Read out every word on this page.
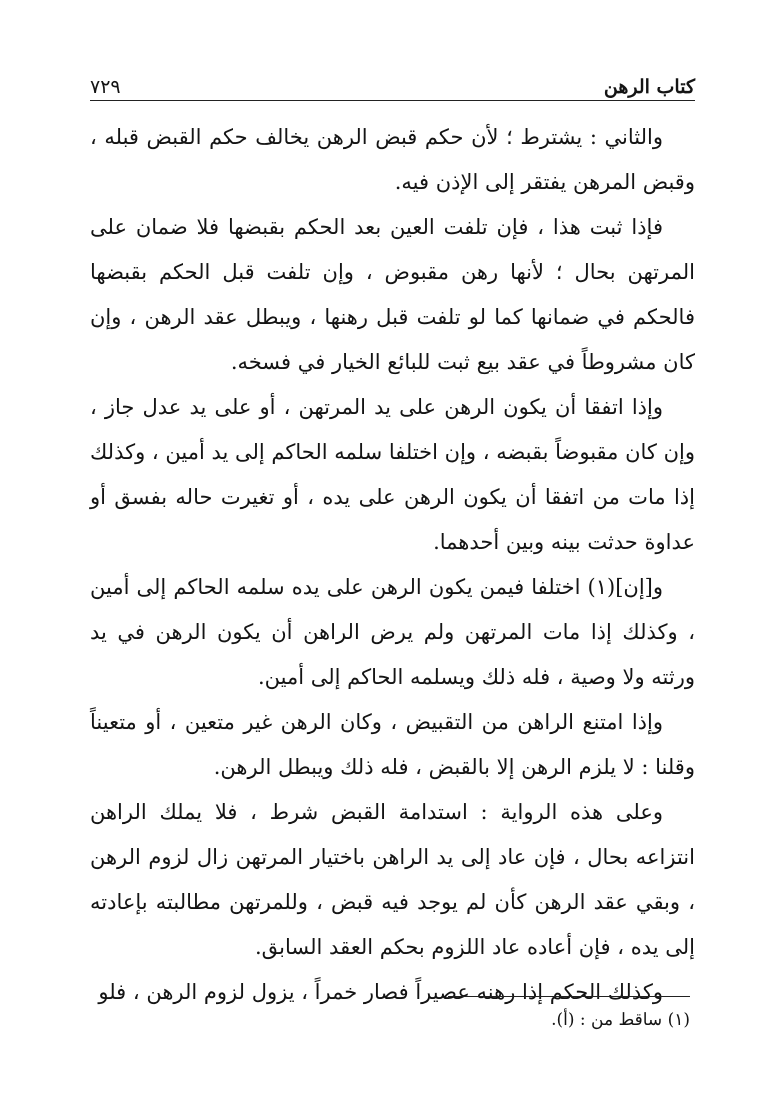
كتاب الرهن
٧٢٩

والثاني : يشترط ؛ لأن حكم قبض الرهن يخالف حكم القبض قبله ، وقبض المرهن يفتقر إلى الإذن فيه.

فإذا ثبت هذا ، فإن تلفت العين بعد الحكم بقبضها فلا ضمان على المرتهن بحال ؛ لأنها رهن مقبوض ، وإن تلفت قبل الحكم بقبضها فالحكم في ضمانها كما لو تلفت قبل رهنها ، ويبطل عقد الرهن ، وإن كان مشروطاً في عقد بيع ثبت للبائع الخيار في فسخه.

وإذا اتفقا أن يكون الرهن على يد المرتهن ، أو على يد عدل جاز ، وإن كان مقبوضاً بقبضه ، وإن اختلفا سلمه الحاكم إلى يد أمين ، وكذلك إذا مات من اتفقا أن يكون الرهن على يده ، أو تغيرت حاله بفسق أو عداوة حدثت بينه وبين أحدهما.

و[إن](١) اختلفا فيمن يكون الرهن على يده سلمه الحاكم إلى أمين ، وكذلك إذا مات المرتهن ولم يرض الراهن أن يكون الرهن في يد ورثته ولا وصية ، فله ذلك ويسلمه الحاكم إلى أمين.

وإذا امتنع الراهن من التقبيض ، وكان الرهن غير متعين ، أو متعيناً وقلنا : لا يلزم الرهن إلا بالقبض ، فله ذلك ويبطل الرهن.

وعلى هذه الرواية : استدامة القبض شرط ، فلا يملك الراهن انتزاعه بحال ، فإن عاد إلى يد الراهن باختيار المرتهن زال لزوم الرهن ، وبقي عقد الرهن كأن لم يوجد فيه قبض ، وللمرتهن مطالبته بإعادته إلى يده ، فإن أعاده عاد اللزوم بحكم العقد السابق.

وكذلك الحكم إذا رهنه عصيراً فصار خمراً ، يزول لزوم الرهن ، فلو

(١) ساقط من : (أ).
